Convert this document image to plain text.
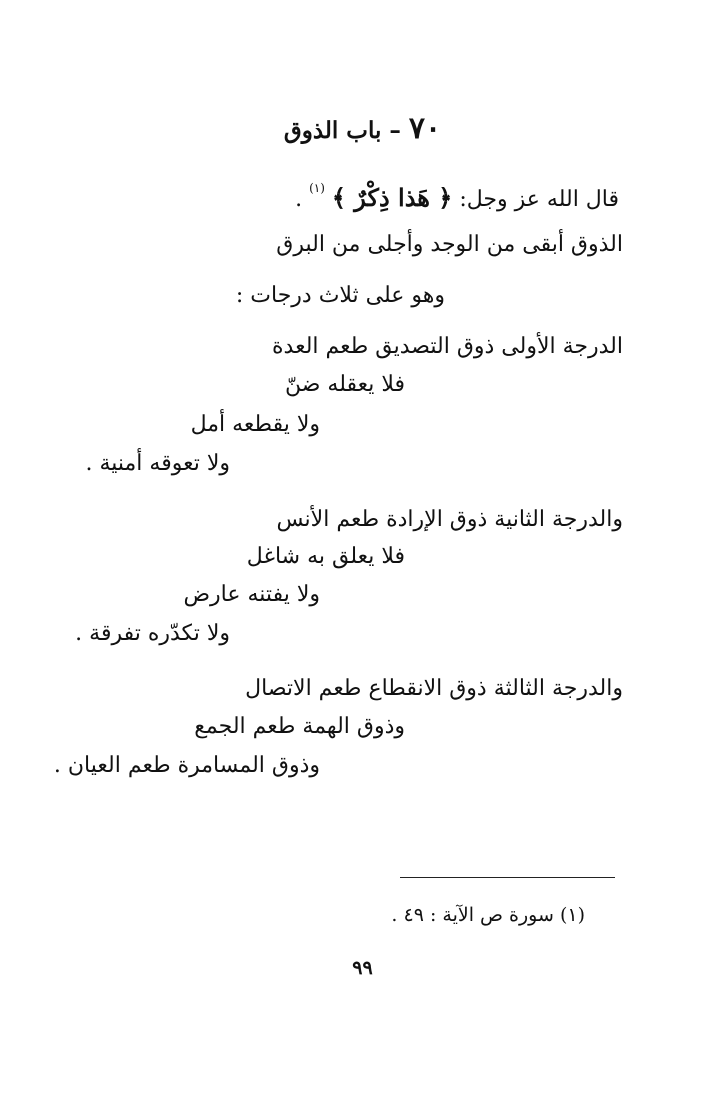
٧٠ – باب الذوق
قال الله عز وجل: ﴿ هَذا ذِكْرٌ ﴾ $^{(١)}$ .
الذوق أبقى من الوجد وأجلى من البرق
وهو على ثلاث درجات :
الدرجة الأولى ذوق التصديق طعم العدة
فلا يعقله ضنّ
ولا يقطعه أمل
ولا تعوقه أمنية .
والدرجة الثانية ذوق الإرادة طعم الأنس
فلا يعلق به شاغل
ولا يفتنه عارض
ولا تكدّره تفرقة .
والدرجة الثالثة ذوق الانقطاع طعم الاتصال
وذوق الهمة طعم الجمع
وذوق المسامرة طعم العيان .
(١) سورة ص الآية : ٤٩ .
٩٩
